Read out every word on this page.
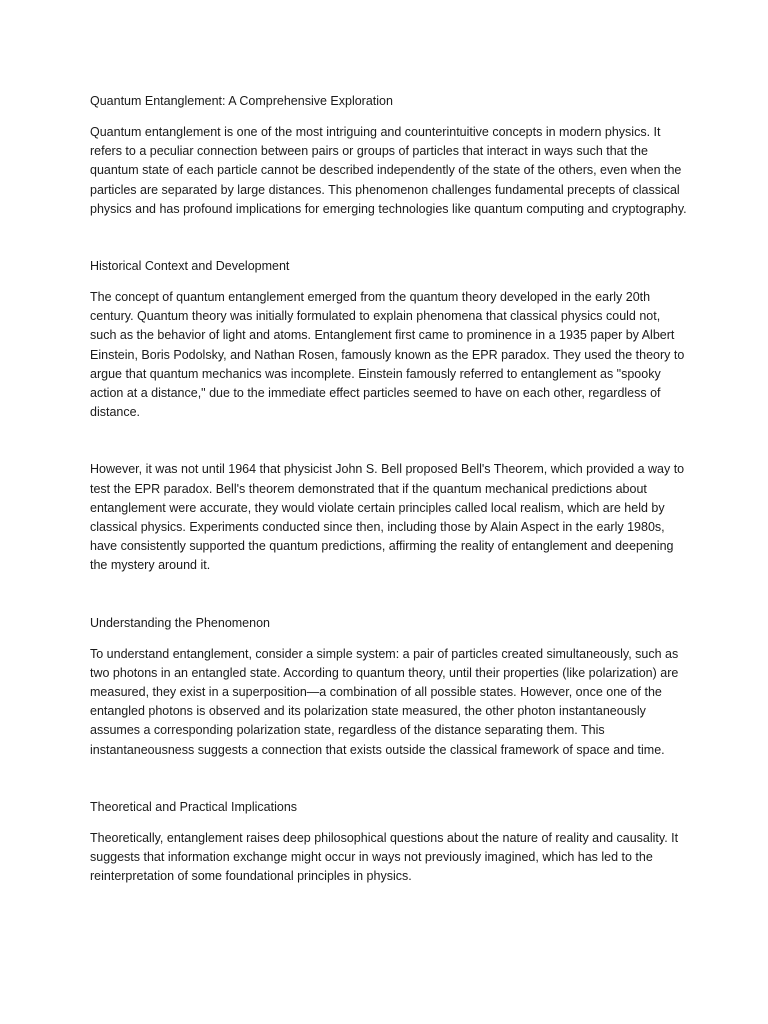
Quantum Entanglement: A Comprehensive Exploration

Quantum entanglement is one of the most intriguing and counterintuitive concepts in modern physics. It refers to a peculiar connection between pairs or groups of particles that interact in ways such that the quantum state of each particle cannot be described independently of the state of the others, even when the particles are separated by large distances. This phenomenon challenges fundamental precepts of classical physics and has profound implications for emerging technologies like quantum computing and cryptography.

Historical Context and Development

The concept of quantum entanglement emerged from the quantum theory developed in the early 20th century. Quantum theory was initially formulated to explain phenomena that classical physics could not, such as the behavior of light and atoms. Entanglement first came to prominence in a 1935 paper by Albert Einstein, Boris Podolsky, and Nathan Rosen, famously known as the EPR paradox. They used the theory to argue that quantum mechanics was incomplete. Einstein famously referred to entanglement as "spooky action at a distance," due to the immediate effect particles seemed to have on each other, regardless of distance.

However, it was not until 1964 that physicist John S. Bell proposed Bell's Theorem, which provided a way to test the EPR paradox. Bell's theorem demonstrated that if the quantum mechanical predictions about entanglement were accurate, they would violate certain principles called local realism, which are held by classical physics. Experiments conducted since then, including those by Alain Aspect in the early 1980s, have consistently supported the quantum predictions, affirming the reality of entanglement and deepening the mystery around it.

Understanding the Phenomenon

To understand entanglement, consider a simple system: a pair of particles created simultaneously, such as two photons in an entangled state. According to quantum theory, until their properties (like polarization) are measured, they exist in a superposition—a combination of all possible states. However, once one of the entangled photons is observed and its polarization state measured, the other photon instantaneously assumes a corresponding polarization state, regardless of the distance separating them. This instantaneousness suggests a connection that exists outside the classical framework of space and time.

Theoretical and Practical Implications

Theoretically, entanglement raises deep philosophical questions about the nature of reality and causality. It suggests that information exchange might occur in ways not previously imagined, which has led to the reinterpretation of some foundational principles in physics.
